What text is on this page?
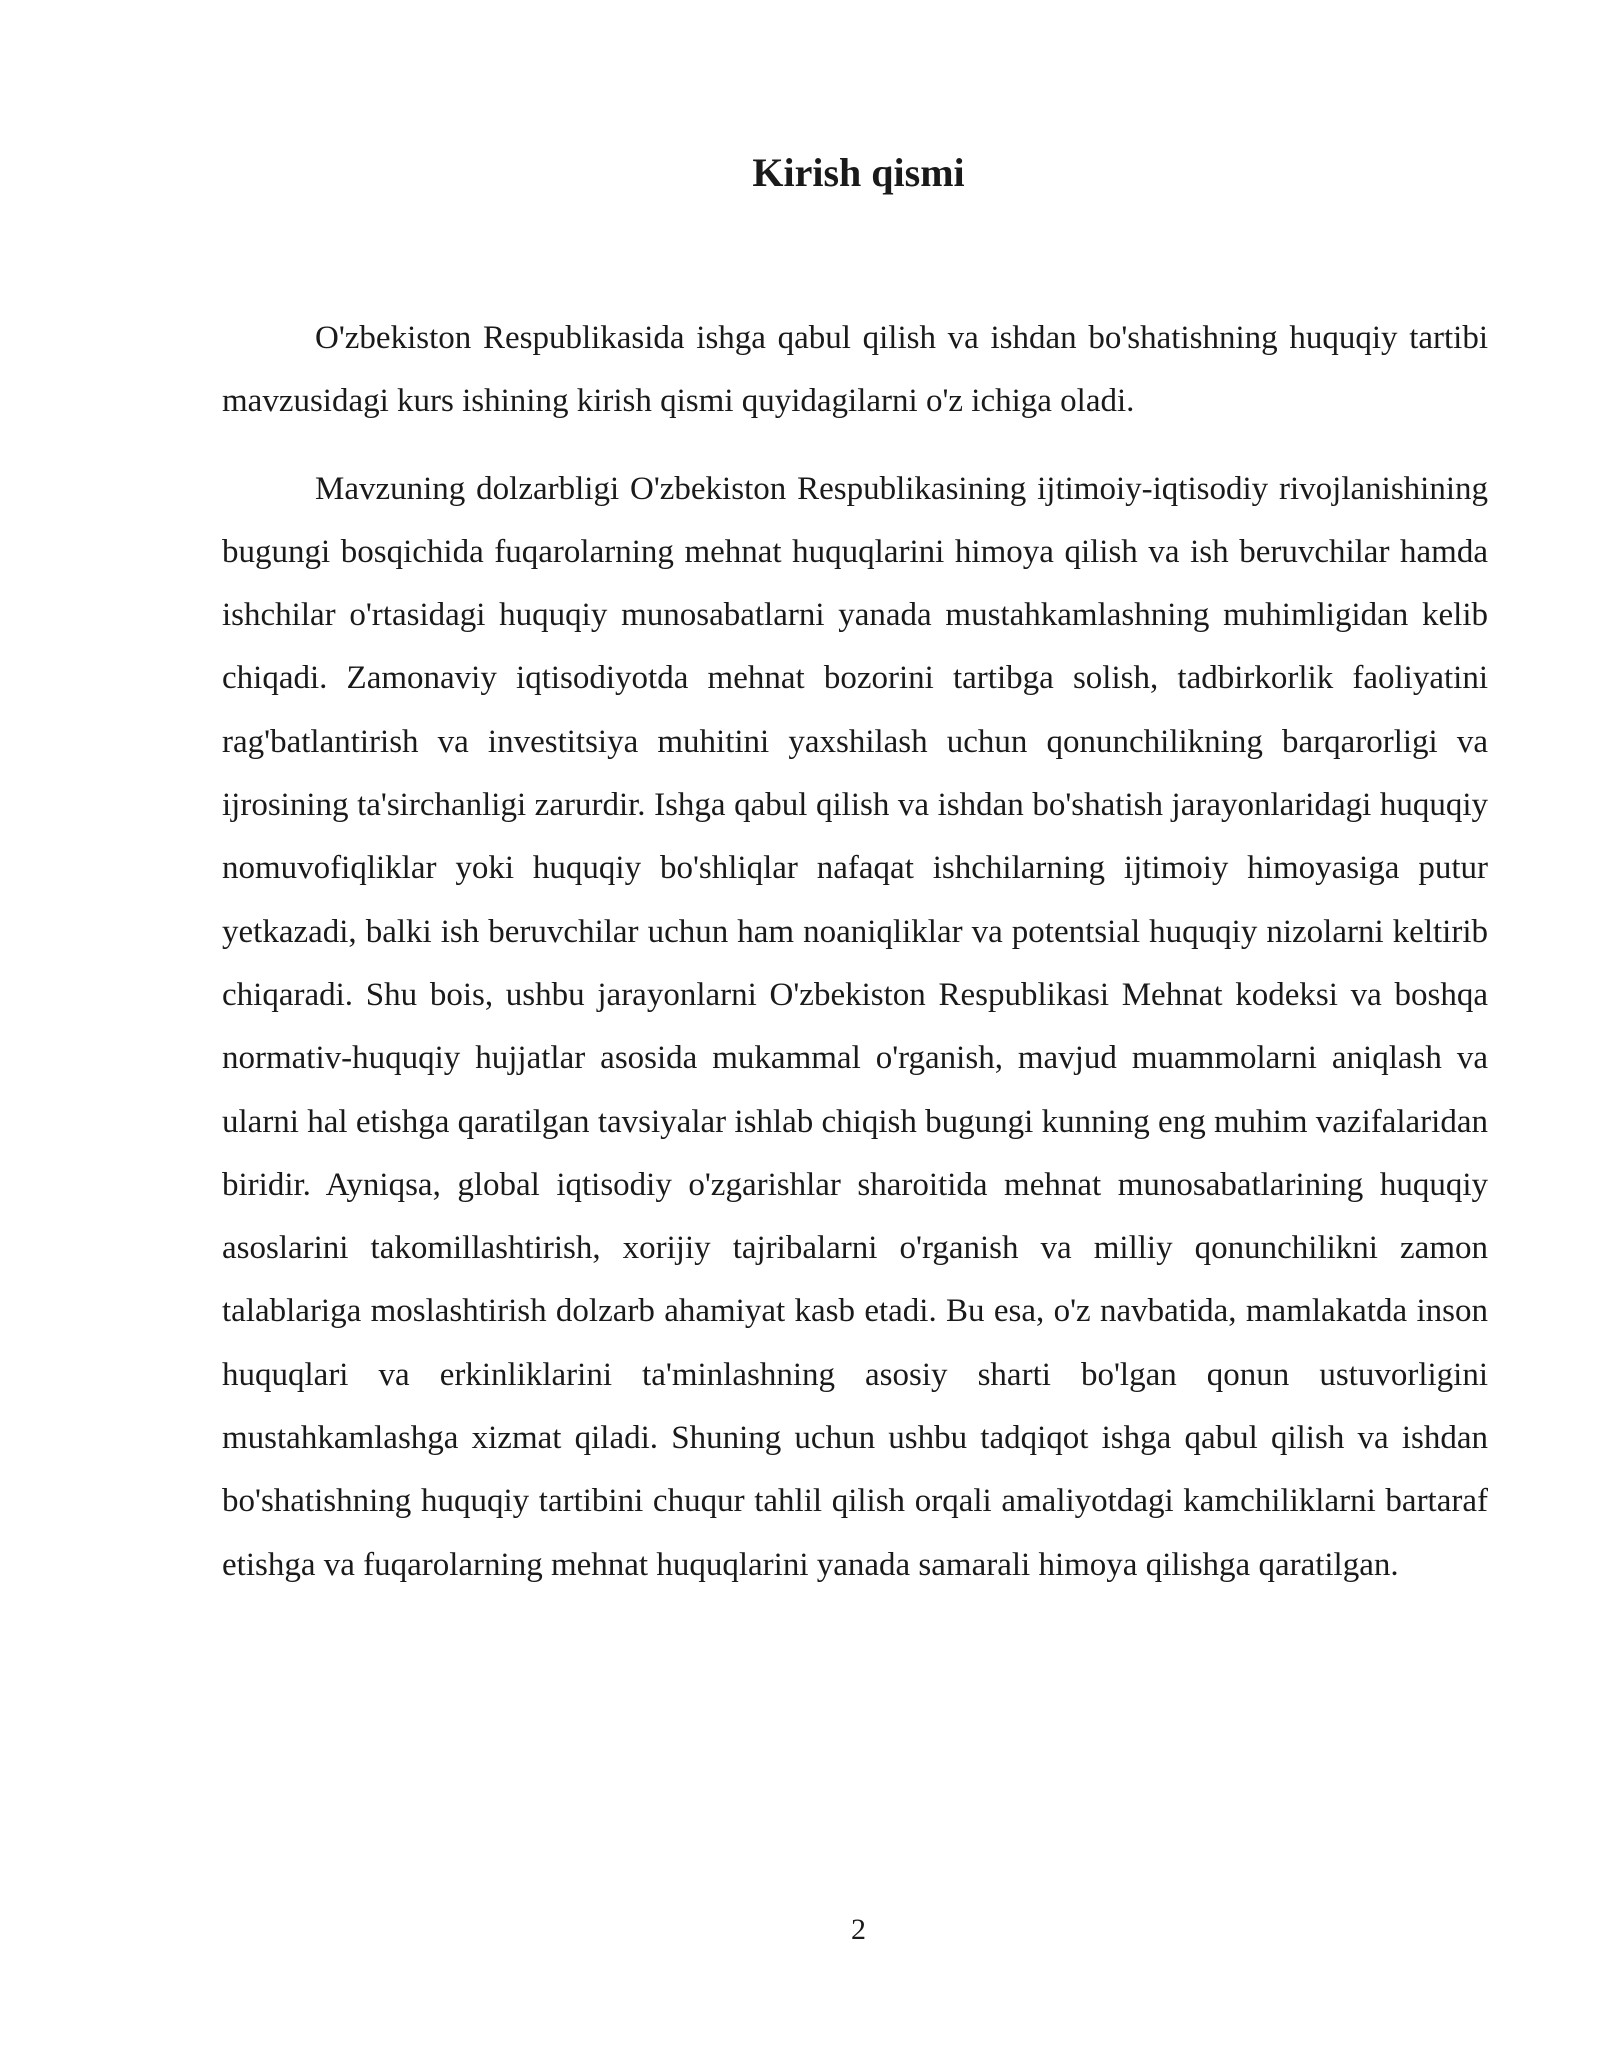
Kirish qismi

O'zbekiston Respublikasida ishga qabul qilish va ishdan bo'shatishning huquqiy tartibi mavzusidagi kurs ishining kirish qismi quyidagilarni o'z ichiga oladi.

Mavzuning dolzarbligi O'zbekiston Respublikasining ijtimoiy-iqtisodiy rivojlanishining bugungi bosqichida fuqarolarning mehnat huquqlarini himoya qilish va ish beruvchilar hamda ishchilar o'rtasidagi huquqiy munosabatlarni yanada mustahkamlashning muhimligidan kelib chiqadi. Zamonaviy iqtisodiyotda mehnat bozorini tartibga solish, tadbirkorlik faoliyatini rag'batlantirish va investitsiya muhitini yaxshilash uchun qonunchilikning barqarorligi va ijrosining ta'sirchanligi zarurdir. Ishga qabul qilish va ishdan bo'shatish jarayonlaridagi huquqiy nomuvofiqliklar yoki huquqiy bo'shliqlar nafaqat ishchilarning ijtimoiy himoyasiga putur yetkazadi, balki ish beruvchilar uchun ham noaniqliklar va potentsial huquqiy nizolarni keltirib chiqaradi. Shu bois, ushbu jarayonlarni O'zbekiston Respublikasi Mehnat kodeksi va boshqa normativ-huquqiy hujjatlar asosida mukammal o'rganish, mavjud muammolarni aniqlash va ularni hal etishga qaratilgan tavsiyalar ishlab chiqish bugungi kunning eng muhim vazifalaridan biridir. Ayniqsa, global iqtisodiy o'zgarishlar sharoitida mehnat munosabatlarining huquqiy asoslarini takomillashtirish, xorijiy tajribalarni o'rganish va milliy qonunchilikni zamon talablariga moslashtirish dolzarb ahamiyat kasb etadi. Bu esa, o'z navbatida, mamlakatda inson huquqlari va erkinliklarini ta'minlashning asosiy sharti bo'lgan qonun ustuvorligini mustahkamlashga xizmat qiladi. Shuning uchun ushbu tadqiqot ishga qabul qilish va ishdan bo'shatishning huquqiy tartibini chuqur tahlil qilish orqali amaliyotdagi kamchiliklarni bartaraf etishga va fuqarolarning mehnat huquqlarini yanada samarali himoya qilishga qaratilgan.

2
